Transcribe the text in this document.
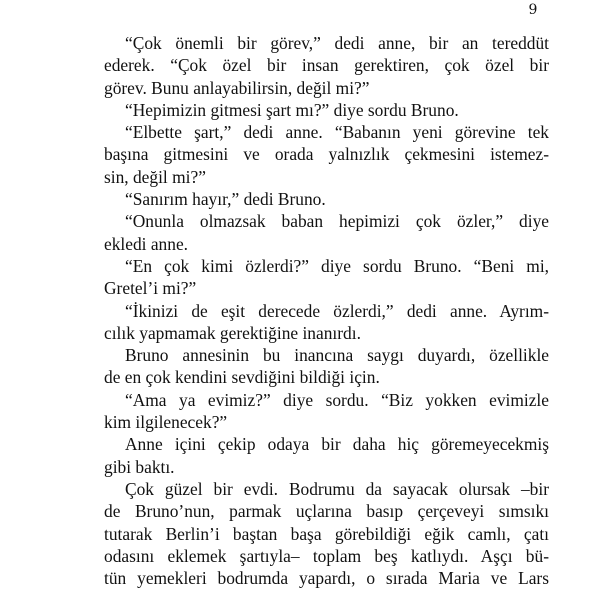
9
“Çok önemli bir görev,” dedi anne, bir an tereddüt
ederek. “Çok özel bir insan gerektiren, çok özel bir
görev. Bunu anlayabilirsin, değil mi?”
“Hepimizin gitmesi şart mı?” diye sordu Bruno.
“Elbette şart,” dedi anne. “Babanın yeni görevine tek
başına gitmesini ve orada yalnızlık çekmesini istemez-
sin, değil mi?”
“Sanırım hayır,” dedi Bruno.
“Onunla olmazsak baban hepimizi çok özler,” diye
ekledi anne.
“En çok kimi özlerdi?” diye sordu Bruno. “Beni mi,
Gretel’i mi?”
“İkinizi de eşit derecede özlerdi,” dedi anne. Ayrım-
cılık yapmamak gerektiğine inanırdı.
Bruno annesinin bu inancına saygı duyardı, özellikle
de en çok kendini sevdiğini bildiği için.
“Ama ya evimiz?” diye sordu. “Biz yokken evimizle
kim ilgilenecek?”
Anne içini çekip odaya bir daha hiç göremeyecekmiş
gibi baktı.
Çok güzel bir evdi. Bodrumu da sayacak olursak –bir
de Bruno’nun, parmak uçlarına basıp çerçeveyi sımsıkı
tutarak Berlin’i baştan başa görebildiği eğik camlı, çatı
odasını eklemek şartıyla– toplam beş katlıydı. Aşçı bü-
tün yemekleri bodrumda yapardı, o sırada Maria ve Lars
